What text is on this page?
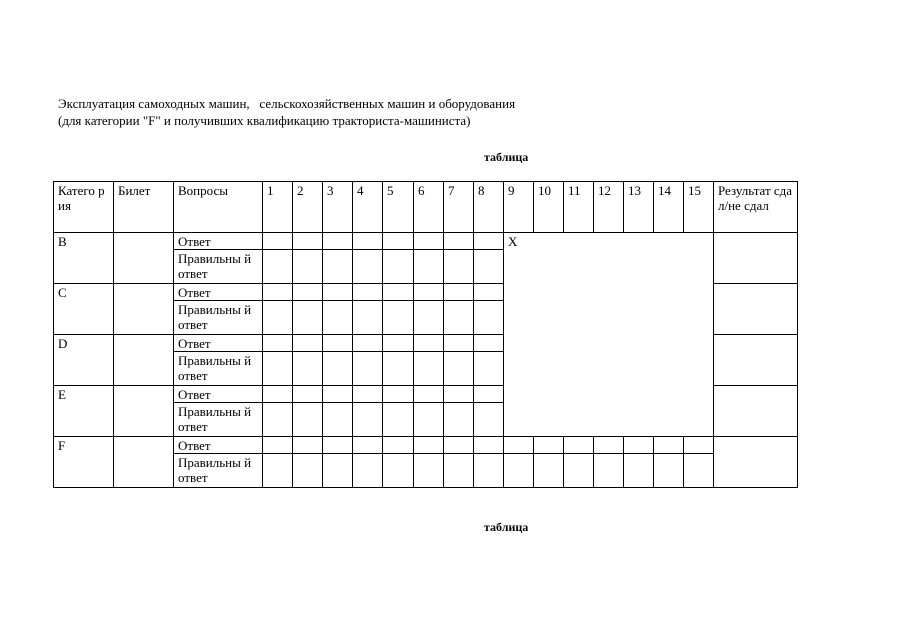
Эксплуатация самоходных машин,   сельскохозяйственных машин и оборудования
(для категории "F" и получивших квалификацию тракториста-машиниста)
таблица
Катего рия	Билет	Вопросы	1	2	3	4	5	6	7	8	9	10	11	12	13	14	15	Результат сдал/не сдал
B		Ответ									X							
		Правильны й ответ																
C		Ответ																
		Правильны й ответ																
D		Ответ																
		Правильны й ответ																
E		Ответ																
		Правильны й ответ																
F		Ответ																
		Правильны й ответ																
таблица
